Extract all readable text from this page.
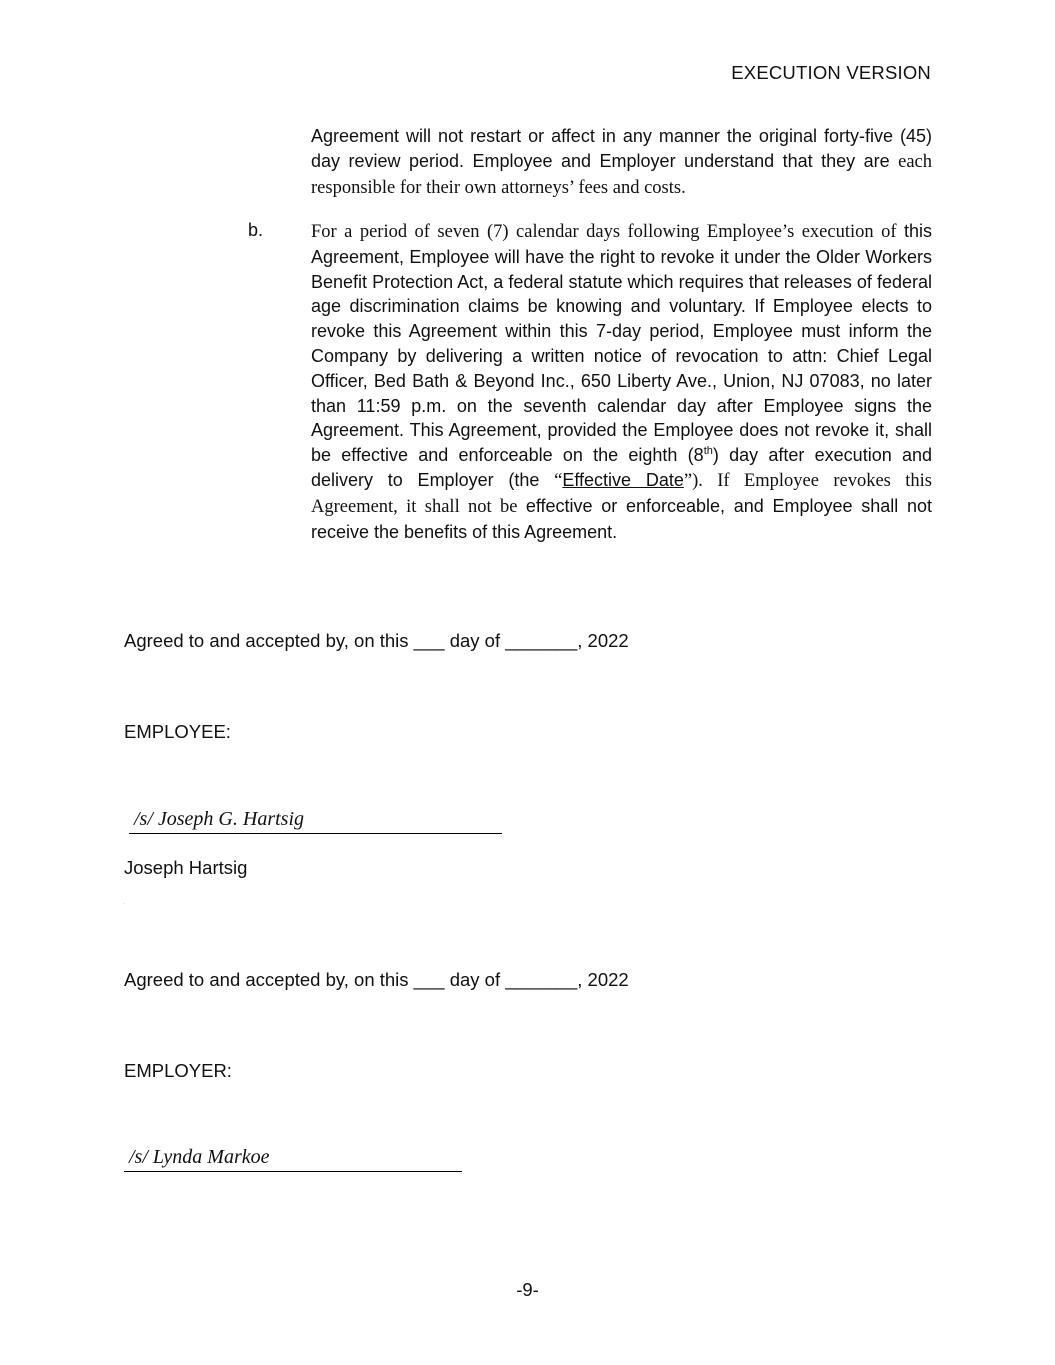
EXECUTION VERSION
Agreement will not restart or affect in any manner the original forty-five (45) day review period. Employee and Employer understand that they are each responsible for their own attorneys’ fees and costs.
b.	For a period of seven (7) calendar days following Employee’s execution of this Agreement, Employee will have the right to revoke it under the Older Workers Benefit Protection Act, a federal statute which requires that releases of federal age discrimination claims be knowing and voluntary. If Employee elects to revoke this Agreement within this 7-day period, Employee must inform the Company by delivering a written notice of revocation to attn: Chief Legal Officer, Bed Bath & Beyond Inc., 650 Liberty Ave., Union, NJ 07083, no later than 11:59 p.m. on the seventh calendar day after Employee signs the Agreement. This Agreement, provided the Employee does not revoke it, shall be effective and enforceable on the eighth (8th) day after execution and delivery to Employer (the “Effective Date”). If Employee revokes this Agreement, it shall not be effective or enforceable, and Employee shall not receive the benefits of this Agreement.
Agreed to and accepted by, on this ___ day of _______, 2022
EMPLOYEE:
/s/ Joseph G. Hartsig
Joseph Hartsig
.
Agreed to and accepted by, on this ___ day of _______, 2022
EMPLOYER:
/s/ Lynda Markoe
-9-
